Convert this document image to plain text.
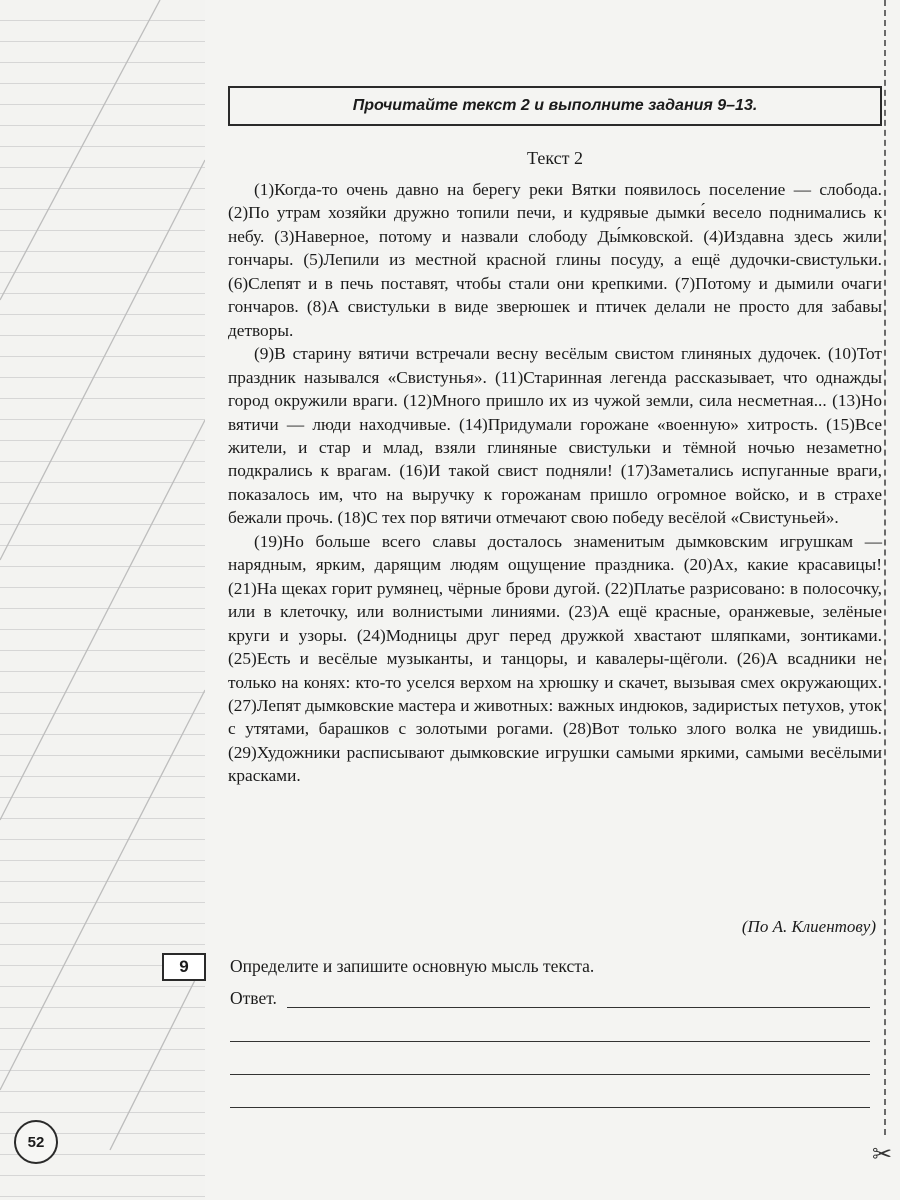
Прочитайте текст 2 и выполните задания 9–13.
Текст 2

(1)Когда-то очень давно на берегу реки Вятки появилось поселение — слобода. (2)По утрам хозяйки дружно топили печи, и кудрявые дымки́ весело поднимались к небу. (3)Наверное, потому и назвали слободу Ды́мковской. (4)Издавна здесь жили гончары. (5)Лепили из местной красной глины посуду, а ещё дудочки-свистульки. (6)Слепят и в печь поставят, чтобы стали они крепкими. (7)Потому и дымили очаги гончаров. (8)А свистульки в виде зверюшек и птичек делали не просто для забавы детворы.

(9)В старину вятичи встречали весну весёлым свистом глиняных дудочек. (10)Тот праздник назывался «Свистунья». (11)Старинная легенда рассказывает, что однажды город окружили враги. (12)Много пришло их из чужой земли, сила несметная... (13)Но вятичи — люди находчивые. (14)Придумали горожане «военную» хитрость. (15)Все жители, и стар и млад, взяли глиняные свистульки и тёмной ночью незаметно подкрались к врагам. (16)И такой свист подняли! (17)Заметались испуганные враги, показалось им, что на выручку к горожанам пришло огромное войско, и в страхе бежали прочь. (18)С тех пор вятичи отмечают свою победу весёлой «Свистуньей».

(19)Но больше всего славы досталось знаменитым дымковским игрушкам — нарядным, ярким, дарящим людям ощущение праздника. (20)Ах, какие красавицы! (21)На щеках горит румянец, чёрные брови дугой. (22)Платье разрисовано: в полосочку, или в клеточку, или волнистыми линиями. (23)А ещё красные, оранжевые, зелёные круги и узоры. (24)Модницы друг перед дружкой хвастают шляпками, зонтиками. (25)Есть и весёлые музыканты, и танцоры, и кавалеры-щёголи. (26)А всадники не только на конях: кто-то уселся верхом на хрюшку и скачет, вызывая смех окружающих. (27)Лепят дымковские мастера и животных: важных индюков, задиристых петухов, уток с утятами, барашков с золотыми рогами. (28)Вот только злого волка не увидишь. (29)Художники расписывают дымковские игрушки самыми яркими, самыми весёлыми красками.

(По А. Клиентову)
9 Определите и запишите основную мысль текста.
Ответ.
✂
52
